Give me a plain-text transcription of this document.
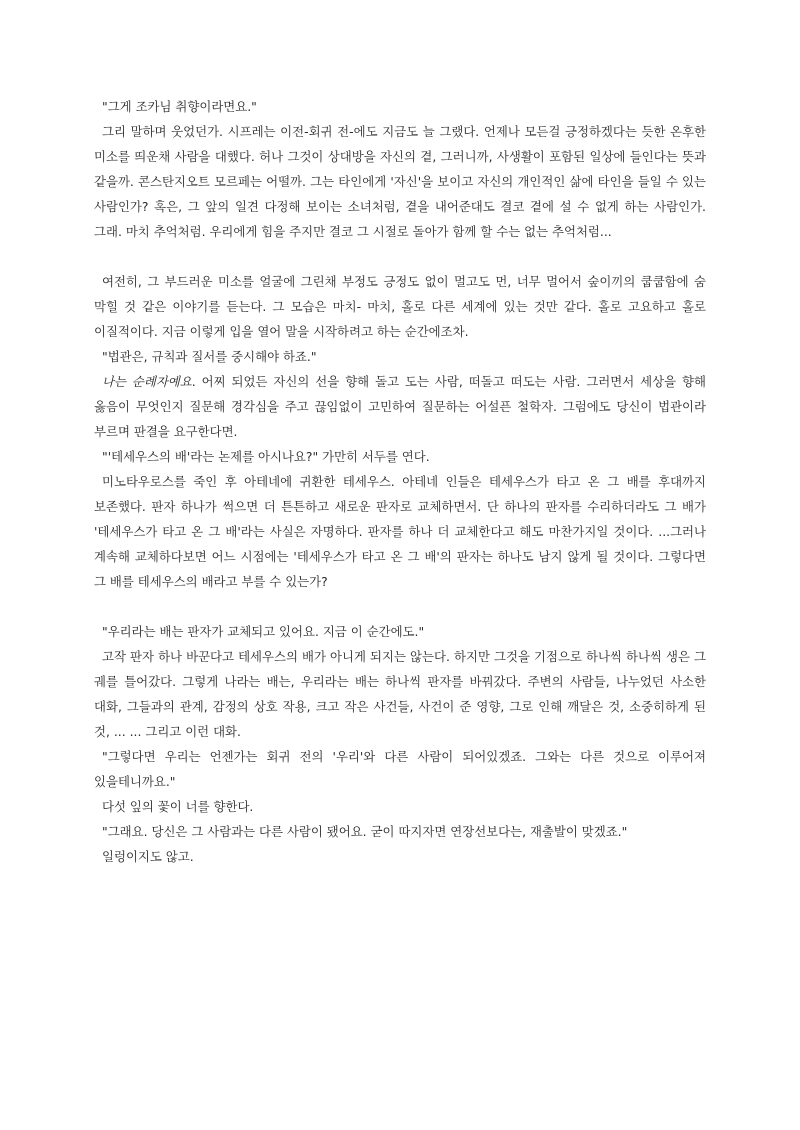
"그게 조카님 취향이라면요."

그리 말하며 웃었던가. 시프레는 이전-회귀 전-에도 지금도 늘 그랬다. 언제나 모든걸 긍정하겠다는 듯한 온후한 미소를 띄운채 사람을 대했다. 허나 그것이 상대방을 자신의 곁, 그러니까, 사생활이 포함된 일상에 들인다는 뜻과 같을까. 콘스탄지오트 모르페는 어떨까. 그는 타인에게 '자신'을 보이고 자신의 개인적인 삶에 타인을 들일 수 있는 사람인가? 혹은, 그 앞의 일견 다정해 보이는 소녀처럼, 곁을 내어준대도 결코 곁에 설 수 없게 하는 사람인가. 그래. 마치 추억처럼. 우리에게 힘을 주지만 결코 그 시절로 돌아가 함께 할 수는 없는 추억처럼...

여전히, 그 부드러운 미소를 얼굴에 그린채 부정도 긍정도 없이 멀고도 먼, 너무 멀어서 숲이끼의 쿱쿱함에 숨 막힐 것 같은 이야기를 듣는다. 그 모습은 마치- 마치, 홀로 다른 세계에 있는 것만 같다. 홀로 고요하고 홀로 이질적이다. 지금 이렇게 입을 열어 말을 시작하려고 하는 순간에조차.

"법관은, 규칙과 질서를 중시해야 하죠."

나는 순례자예요. 어찌 되었든 자신의 선을 향해 돌고 도는 사람, 떠돌고 떠도는 사람. 그러면서 세상을 향해 옳음이 무엇인지 질문해 경각심을 주고 끊임없이 고민하여 질문하는 어설픈 철학자. 그럼에도 당신이 법관이라 부르며 판결을 요구한다면.

"'테세우스의 배'라는 논제를 아시나요?" 가만히 서두를 연다.

미노타우로스를 죽인 후 아테네에 귀환한 테세우스. 아테네 인들은 테세우스가 타고 온 그 배를 후대까지 보존했다. 판자 하나가 썩으면 더 튼튼하고 새로운 판자로 교체하면서. 단 하나의 판자를 수리하더라도 그 배가 '테세우스가 타고 온 그 배'라는 사실은 자명하다. 판자를 하나 더 교체한다고 해도 마찬가지일 것이다. ...그러나 계속해 교체하다보면 어느 시점에는 '테세우스가 타고 온 그 배'의 판자는 하나도 남지 않게 될 것이다. 그렇다면 그 배를 테세우스의 배라고 부를 수 있는가?

"우리라는 배는 판자가 교체되고 있어요. 지금 이 순간에도."

고작 판자 하나 바꾼다고 테세우스의 배가 아니게 되지는 않는다. 하지만 그것을 기점으로 하나씩 하나씩 생은 그 궤를 틀어갔다. 그렇게 나라는 배는, 우리라는 배는 하나씩 판자를 바꿔갔다. 주변의 사람들, 나누었던 사소한 대화, 그들과의 관계, 감정의 상호 작용, 크고 작은 사건들, 사건이 준 영향, 그로 인해 깨달은 것, 소중히하게 된 것, ... ... 그리고 이런 대화.

"그렇다면 우리는 언젠가는 회귀 전의 '우리'와 다른 사람이 되어있겠죠. 그와는 다른 것으로 이루어져 있을테니까요."

다섯 잎의 꽃이 너를 향한다.

"그래요. 당신은 그 사람과는 다른 사람이 됐어요. 굳이 따지자면 연장선보다는, 재출발이 맞겠죠."

일렁이지도 않고.
